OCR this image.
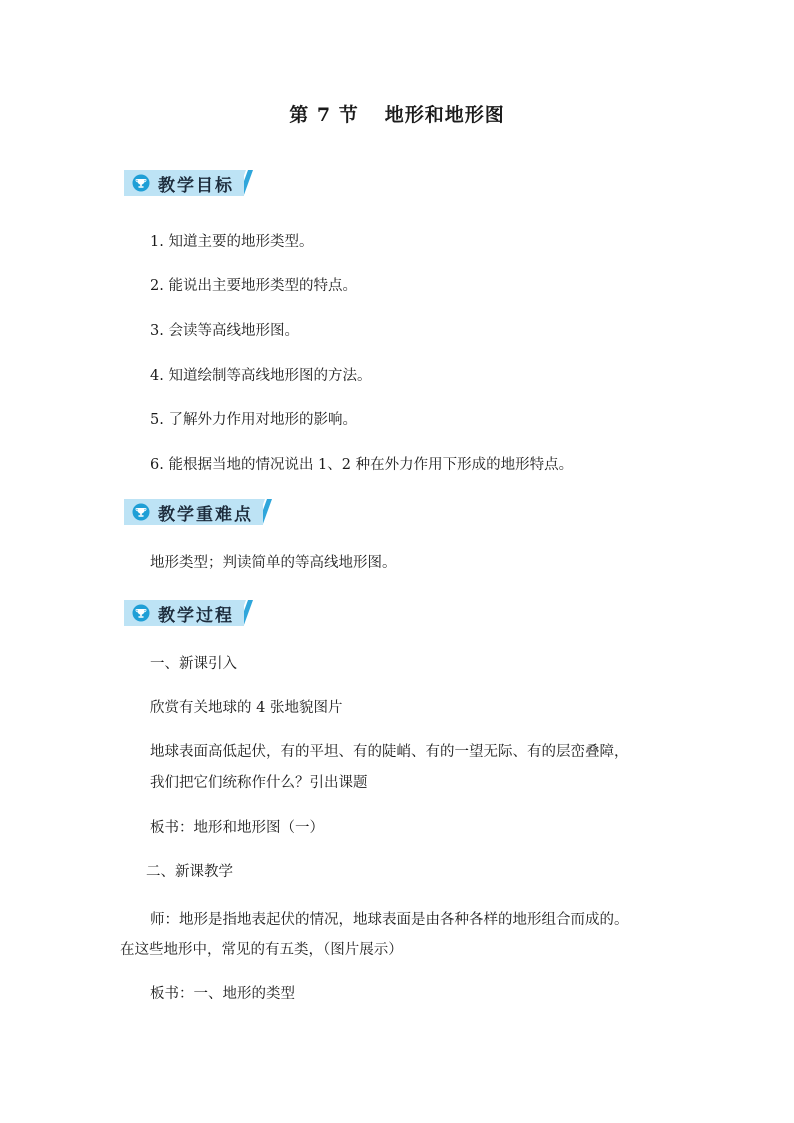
第 7 节 地形和地形图
教学目标
1. 知道主要的地形类型。
2. 能说出主要地形类型的特点。
3. 会读等高线地形图。
4. 知道绘制等高线地形图的方法。
5. 了解外力作用对地形的影响。
6. 能根据当地的情况说出 1、2 种在外力作用下形成的地形特点。
教学重难点
地形类型；判读简单的等高线地形图。
教学过程
一、新课引入
欣赏有关地球的 4 张地貌图片
地球表面高低起伏，有的平坦、有的陡峭、有的一望无际、有的层峦叠障，
我们把它们统称作什么？引出课题
板书：地形和地形图（一）
二、新课教学
师：地形是指地表起伏的情况，地球表面是由各种各样的地形组合而成的。
在这些地形中，常见的有五类，（图片展示）
板书：一、地形的类型
